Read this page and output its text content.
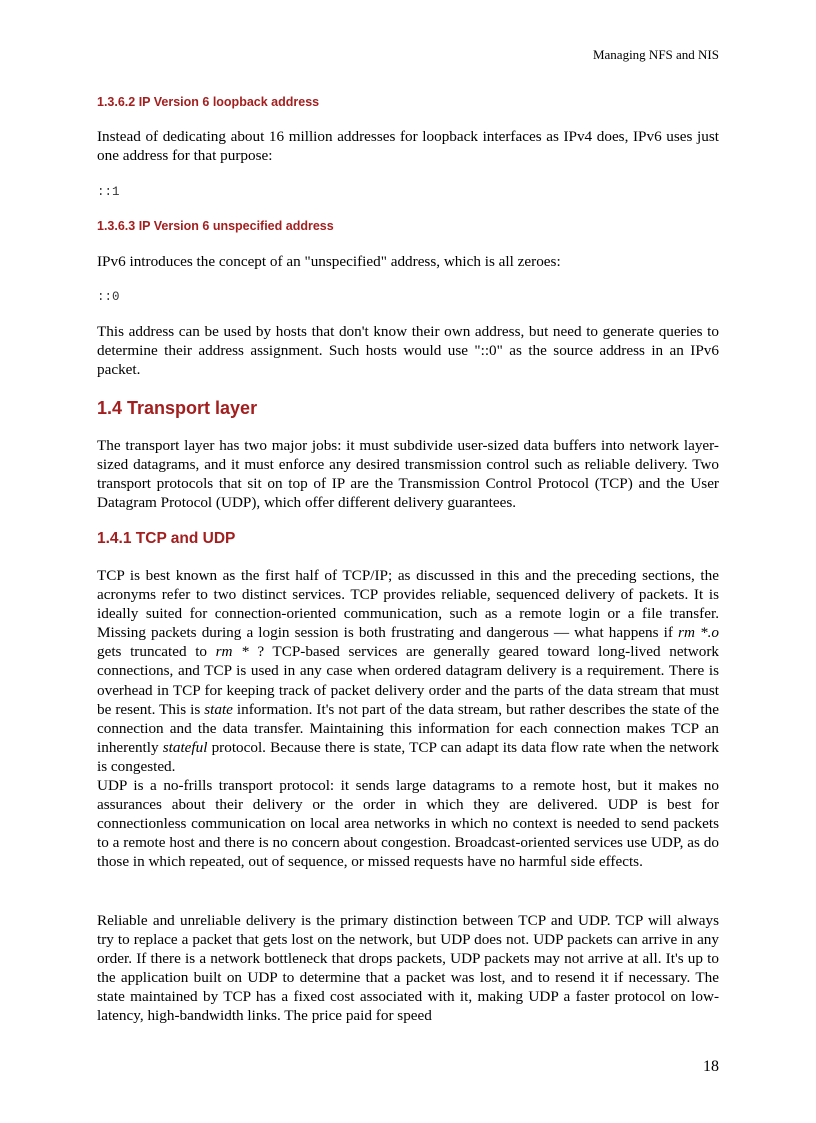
Managing NFS and NIS
1.3.6.2 IP Version 6 loopback address

Instead of dedicating about 16 million addresses for loopback interfaces as IPv4 does, IPv6 uses just one address for that purpose:

::1
1.3.6.3 IP Version 6 unspecified address

IPv6 introduces the concept of an "unspecified" address, which is all zeroes:

::0

This address can be used by hosts that don't know their own address, but need to generate queries to determine their address assignment. Such hosts would use "::0" as the source address in an IPv6 packet.

1.4 Transport layer

The transport layer has two major jobs: it must subdivide user-sized data buffers into network layer-sized datagrams, and it must enforce any desired transmission control such as reliable delivery. Two transport protocols that sit on top of IP are the Transmission Control Protocol (TCP) and the User Datagram Protocol (UDP), which offer different delivery guarantees.

1.4.1 TCP and UDP

TCP is best known as the first half of TCP/IP; as discussed in this and the preceding sections, the acronyms refer to two distinct services. TCP provides reliable, sequenced delivery of packets. It is ideally suited for connection-oriented communication, such as a remote login or a file transfer. Missing packets during a login session is both frustrating and dangerous — what happens if rm *.o gets truncated to rm * ? TCP-based services are generally geared toward long-lived network connections, and TCP is used in any case when ordered datagram delivery is a requirement. There is overhead in TCP for keeping track of packet delivery order and the parts of the data stream that must be resent. This is state information. It's not part of the data stream, but rather describes the state of the connection and the data transfer. Maintaining this information for each connection makes TCP an inherently stateful protocol. Because there is state, TCP can adapt its data flow rate when the network is congested.

UDP is a no-frills transport protocol: it sends large datagrams to a remote host, but it makes no assurances about their delivery or the order in which they are delivered. UDP is best for connectionless communication on local area networks in which no context is needed to send packets to a remote host and there is no concern about congestion. Broadcast-oriented services use UDP, as do those in which repeated, out of sequence, or missed requests have no harmful side effects.

Reliable and unreliable delivery is the primary distinction between TCP and UDP. TCP will always try to replace a packet that gets lost on the network, but UDP does not. UDP packets can arrive in any order. If there is a network bottleneck that drops packets, UDP packets may not arrive at all. It's up to the application built on UDP to determine that a packet was lost, and to resend it if necessary. The state maintained by TCP has a fixed cost associated with it, making UDP a faster protocol on low-latency, high-bandwidth links. The price paid for speed

18
